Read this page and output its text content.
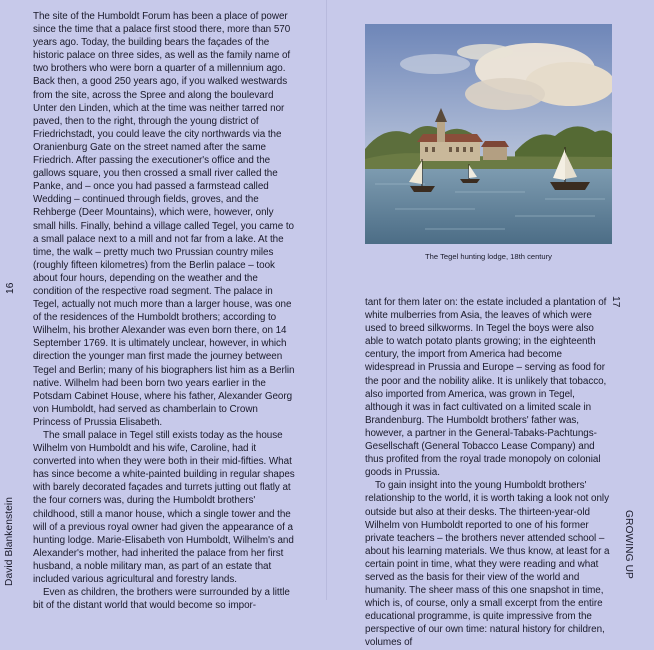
The site of the Humboldt Forum has been a place of power since the time that a palace first stood there, more than 570 years ago. Today, the building bears the façades of the historic palace on three sides, as well as the family name of two brothers who were born a quarter of a millennium ago. Back then, a good 250 years ago, if you walked westwards from the site, across the Spree and along the boulevard Unter den Linden, which at the time was neither tarred nor paved, then to the right, through the young district of Friedrichstadt, you could leave the city northwards via the Oranienburg Gate on the street named after the same Friedrich. After passing the executioner's office and the gallows square, you then crossed a small river called the Panke, and – once you had passed a farmstead called Wedding – continued through fields, groves, and the Rehberge (Deer Mountains), which were, however, only small hills. Finally, behind a village called Tegel, you came to a small palace next to a mill and not far from a lake. At the time, the walk – pretty much two Prussian country miles (roughly fifteen kilometres) from the Berlin palace – took about four hours, depending on the weather and the condition of the respective road segment. The palace in Tegel, actually not much more than a larger house, was one of the residences of the Humboldt brothers; according to Wilhelm, his brother Alexander was even born there, on 14 September 1769. It is ultimately unclear, however, in which direction the younger man first made the journey between Tegel and Berlin; many of his biographers list him as a Berlin native. Wilhelm had been born two years earlier in the Potsdam Cabinet House, where his father, Alexander Georg von Humboldt, had served as chamberlain to Crown Princess of Prussia Elisabeth.

The small palace in Tegel still exists today as the house Wilhelm von Humboldt and his wife, Caroline, had it converted into when they were both in their mid-fifties. What has since become a white-painted building in regular shapes with barely decorated façades and turrets jutting out flatly at the four corners was, during the Humboldt brothers' childhood, still a manor house, which a single tower and the will of a previous royal owner had given the appearance of a hunting lodge. Marie-Elisabeth von Humboldt, Wilhelm's and Alexander's mother, had inherited the palace from her first husband, a noble military man, as part of an estate that included various agricultural and forestry lands.

Even as children, the brothers were surrounded by a little bit of the distant world that would become so impor-

16
David Blankenstein
The Tegel hunting lodge, 18th century

tant for them later on: the estate included a plantation of white mulberries from Asia, the leaves of which were used to breed silkworms. In Tegel the boys were also able to watch potato plants growing; in the eighteenth century, the import from America had become widespread in Prussia and Europe – serving as food for the poor and the nobility alike. It is unlikely that tobacco, also imported from America, was grown in Tegel, although it was in fact cultivated on a limited scale in Brandenburg. The Humboldt brothers' father was, however, a partner in the General-Tabaks-Pachtungs-Gesellschaft (General Tobacco Lease Company) and thus profited from the royal trade monopoly on colonial goods in Prussia.

To gain insight into the young Humboldt brothers' relationship to the world, it is worth taking a look not only outside but also at their desks. The thirteen-year-old Wilhelm von Humboldt reported to one of his former private teachers – the brothers never attended school – about his learning materials. We thus know, at least for a certain point in time, what they were reading and what served as the basis for their view of the world and humanity. The sheer mass of this one snapshot in time, which is, of course, only a small excerpt from the entire educational programme, is quite impressive from the perspective of our own time: natural history for children, volumes of

17
GROWING UP
